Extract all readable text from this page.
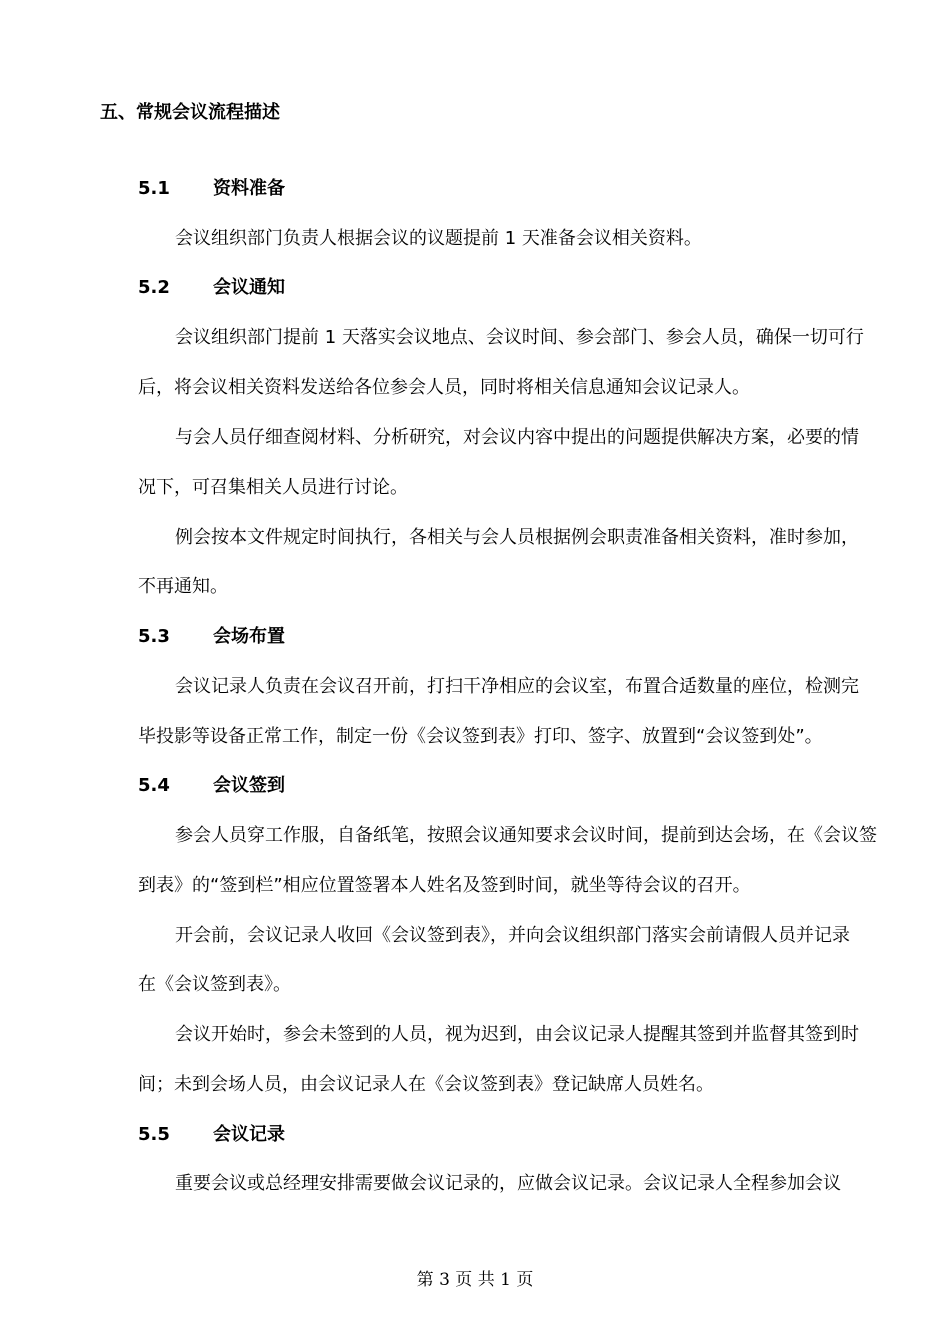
五、常规会议流程描述
5.1 资料准备
会议组织部门负责人根据会议的议题提前 1 天准备会议相关资料。
5.2 会议通知
会议组织部门提前 1 天落实会议地点、会议时间、参会部门、参会人员，确保一切可行
后，将会议相关资料发送给各位参会人员，同时将相关信息通知会议记录人。
与会人员仔细查阅材料、分析研究，对会议内容中提出的问题提供解决方案，必要的情
况下，可召集相关人员进行讨论。
例会按本文件规定时间执行，各相关与会人员根据例会职责准备相关资料，准时参加，
不再通知。
5.3 会场布置
会议记录人负责在会议召开前，打扫干净相应的会议室，布置合适数量的座位，检测完
毕投影等设备正常工作，制定一份《会议签到表》打印、签字、放置到“会议签到处”。
5.4 会议签到
参会人员穿工作服，自备纸笔，按照会议通知要求会议时间，提前到达会场，在《会议签
到表》的“签到栏”相应位置签署本人姓名及签到时间，就坐等待会议的召开。
开会前，会议记录人收回《会议签到表》，并向会议组织部门落实会前请假人员并记录
在《会议签到表》。
会议开始时，参会未签到的人员，视为迟到，由会议记录人提醒其签到并监督其签到时
间；未到会场人员，由会议记录人在《会议签到表》登记缺席人员姓名。
5.5 会议记录
重要会议或总经理安排需要做会议记录的，应做会议记录。会议记录人全程参加会议
第 3 页 共 1 页
